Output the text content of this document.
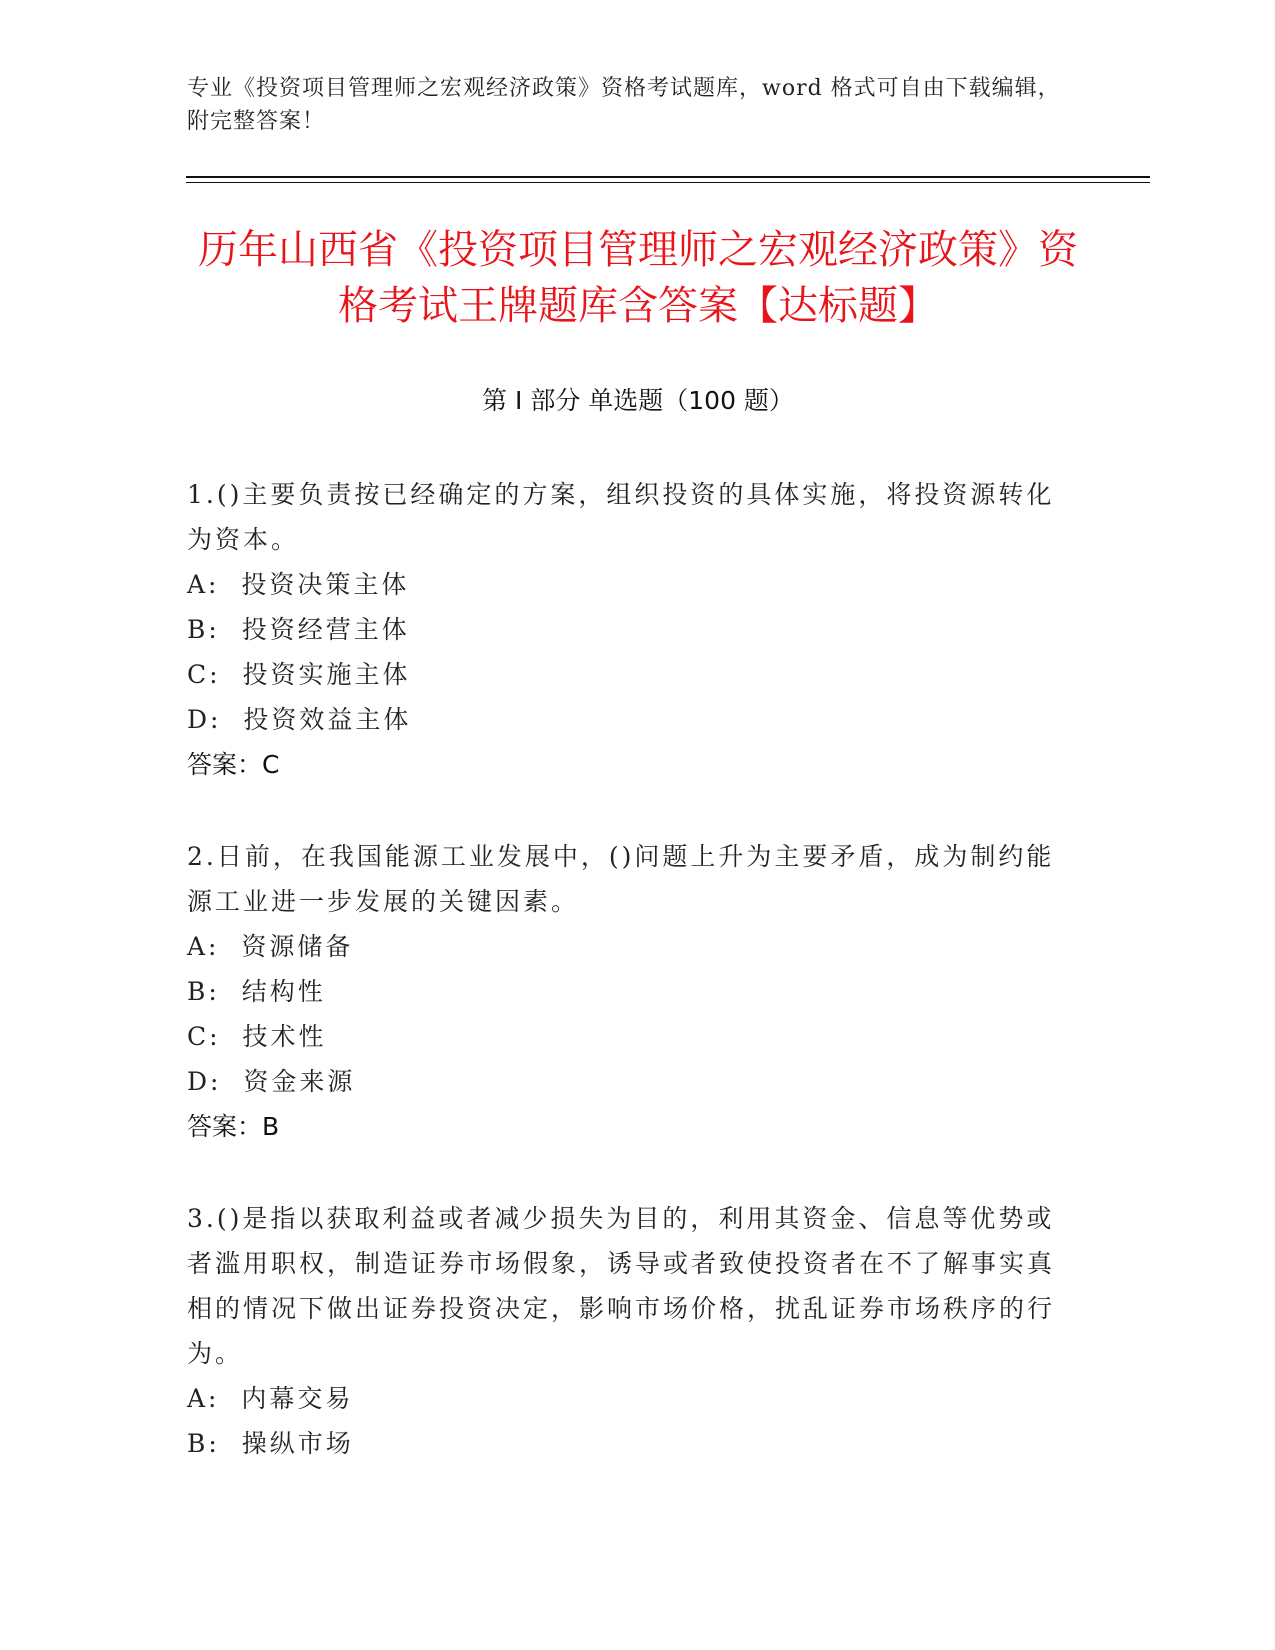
专业《投资项目管理师之宏观经济政策》资格考试题库，word 格式可自由下载编辑，附完整答案！
历年山西省《投资项目管理师之宏观经济政策》资格考试王牌题库含答案【达标题】
第 I 部分 单选题（100 题）
1.()主要负责按已经确定的方案，组织投资的具体实施，将投资源转化为资本。
A:  投资决策主体
B:  投资经营主体
C:  投资实施主体
D:  投资效益主体
答案：C
2.日前，在我国能源工业发展中，()问题上升为主要矛盾，成为制约能源工业进一步发展的关键因素。
A:  资源储备
B:  结构性
C:  技术性
D:  资金来源
答案：B
3.()是指以获取利益或者减少损失为目的，利用其资金、信息等优势或者滥用职权，制造证券市场假象，诱导或者致使投资者在不了解事实真相的情况下做出证券投资决定，影响市场价格，扰乱证券市场秩序的行为。
A:  内幕交易
B:  操纵市场
